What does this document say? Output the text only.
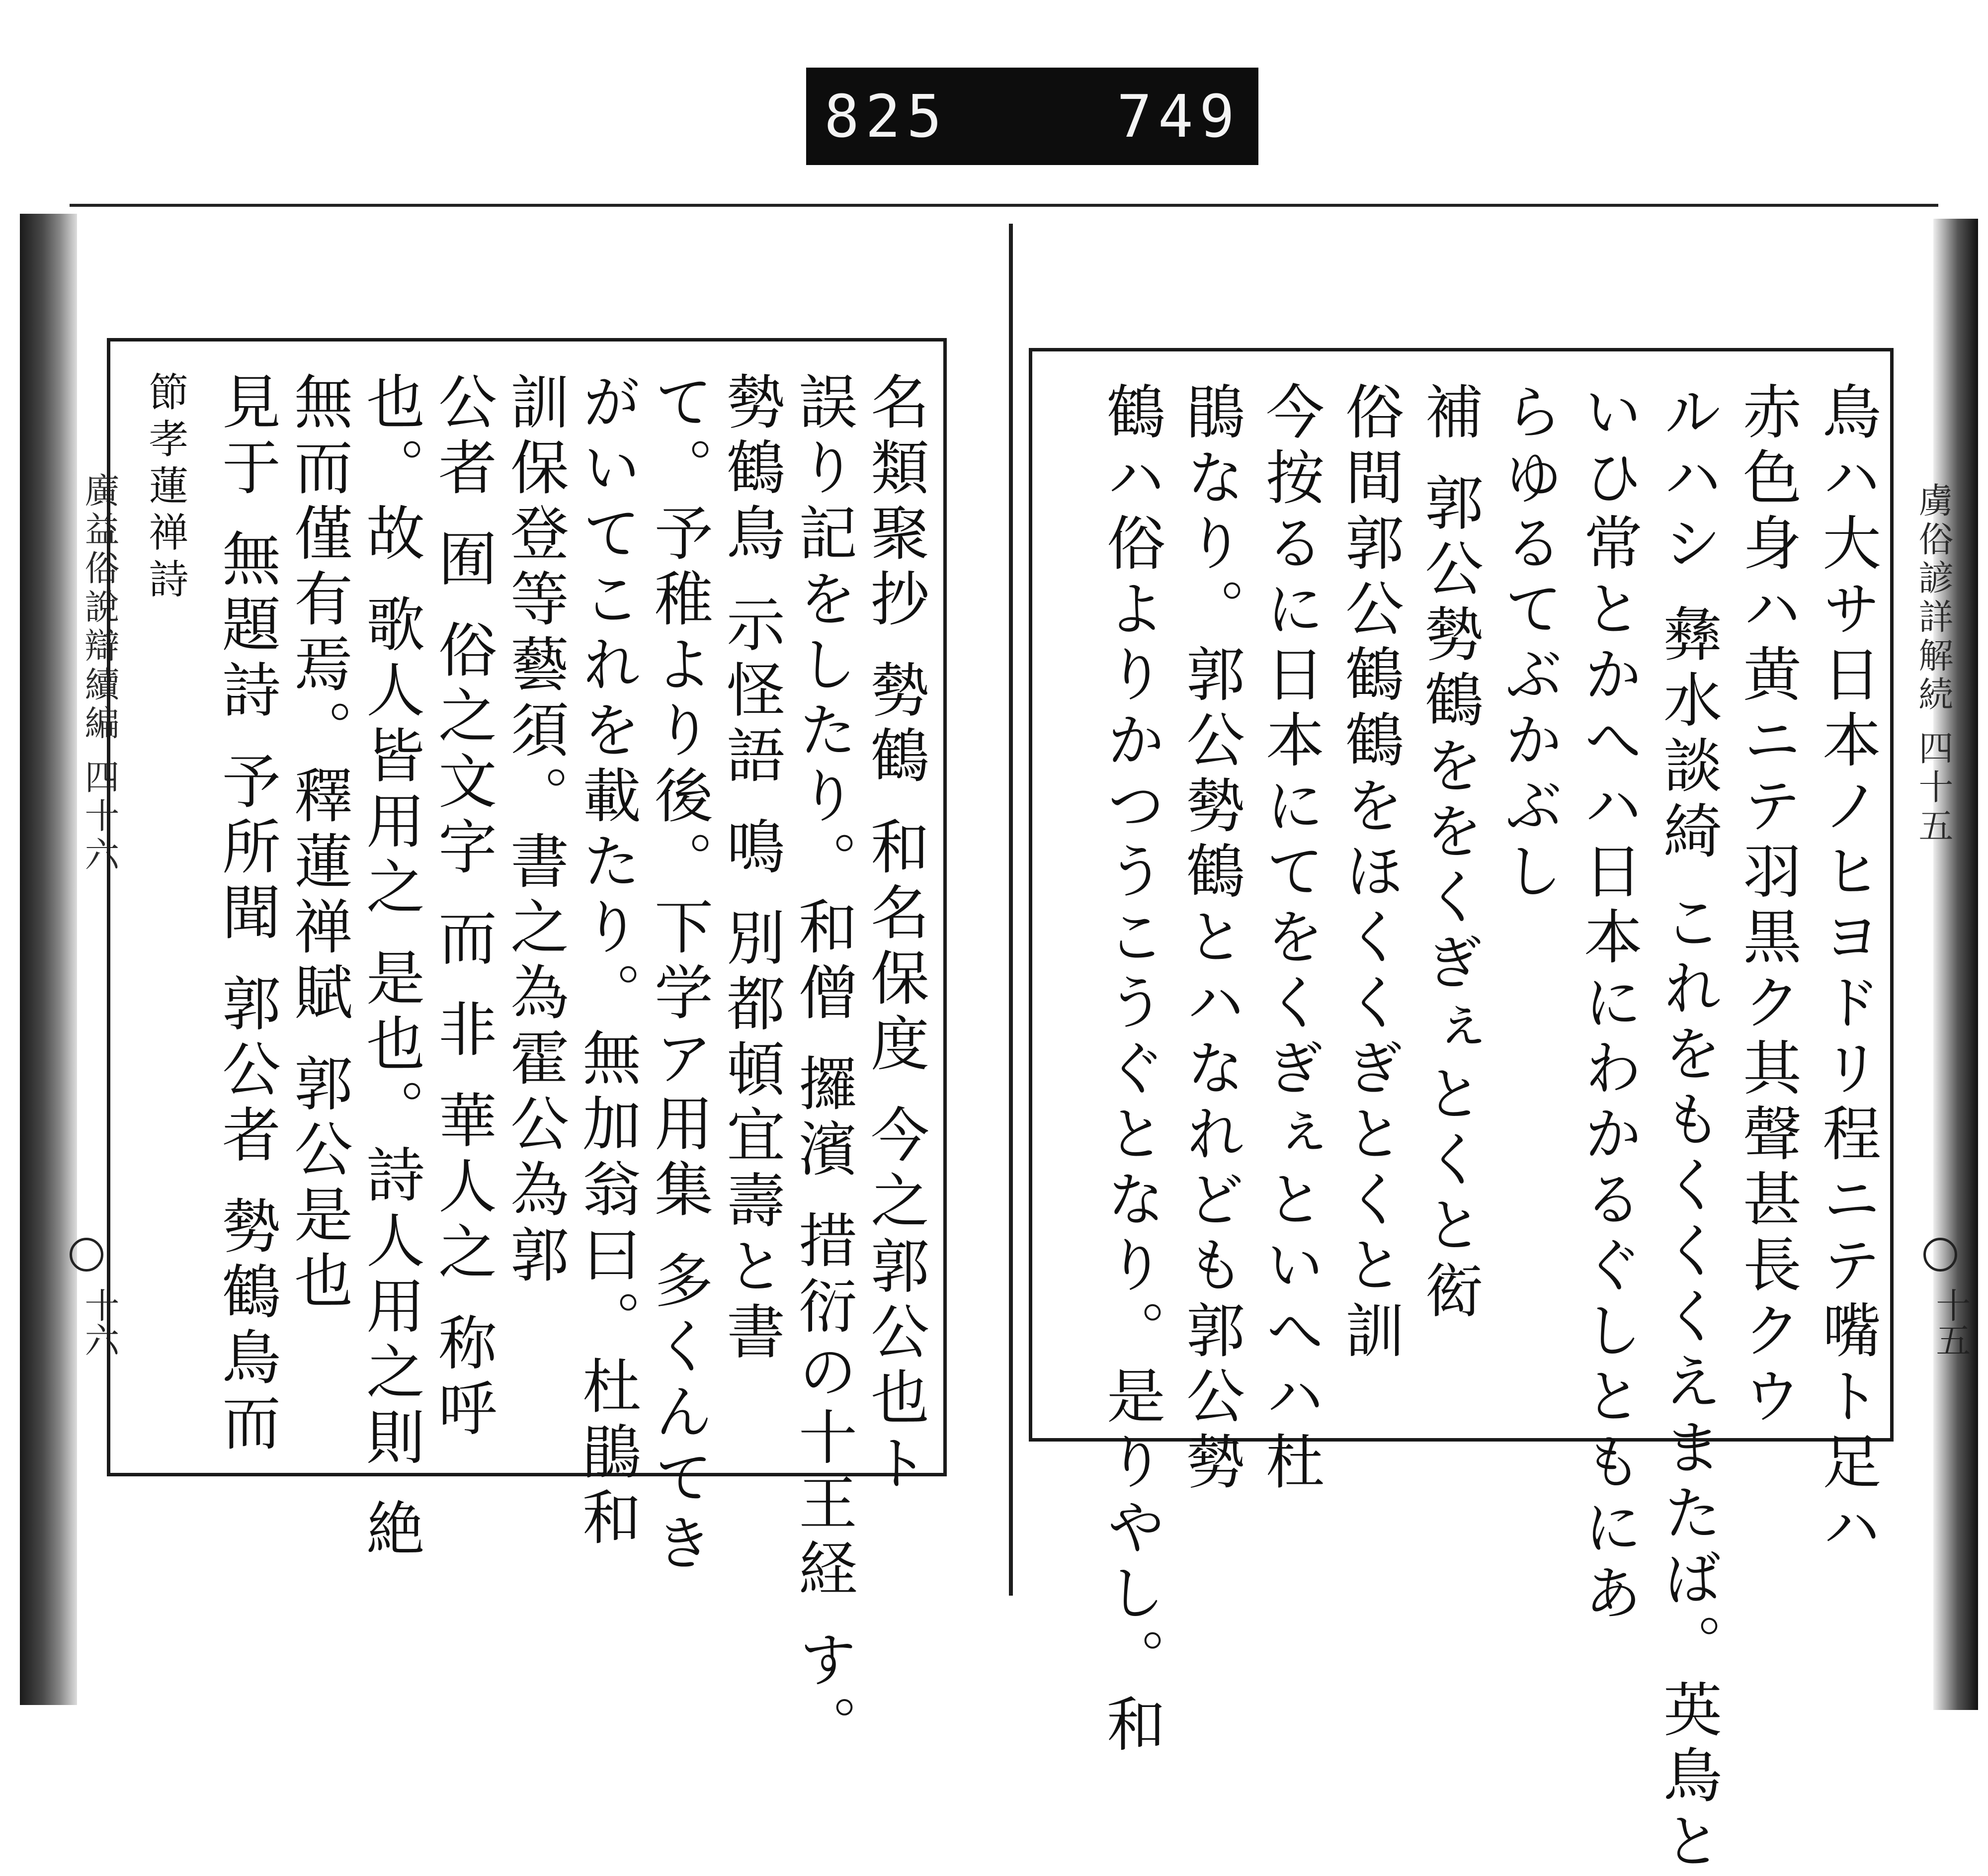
825	749
廣益俗說辯續編 四十六
十六
虜俗諺詳解続 四十五
十五
名類聚抄 勢鶴 和名保度 今之郭公也ト
誤り記をしたり。和僧 攞濱 措衍の十王経 す。
勢鶴鳥 示怪語 鳴 別都頓宜壽と書
て。予稚より後。下学ア用集 多くんてき
がいてこれを載たり。無加翁曰。杜鵑和
訓保登等藝須。書之為霍公為郭
公者 囿 俗之文字 而 非 華人之 称呼
也。故 歌人皆用之 是也。詩人用之則 絶
無而僅有焉。釋蓮禅賦 郭公是也
見于 無題詩 予所聞 郭公者 勢鶴鳥而
節孝蓮禅詩	鳥ハ大サ日本ノヒヨドリ程ニテ嘴ト足ハ
赤色身ハ黄ニテ羽黒ク其聲甚長クウ
ルハシ 彝水談綺 これをもくくくえまたば。英鳥と
いひ常とかへハ日本にわかるぐしともにあ
らゆるてぶかぶし
補 郭公勢鶴ををくぎぇとくと衒
俗間郭公鶴鶴をほくくぎとくと訓
今按るに日本にてをくぎぇといへハ杜
鵑なり。郭公勢鶴とハなれども郭公勢
鶴ハ俗よりかつうこうぐとなり。是りやし。和
